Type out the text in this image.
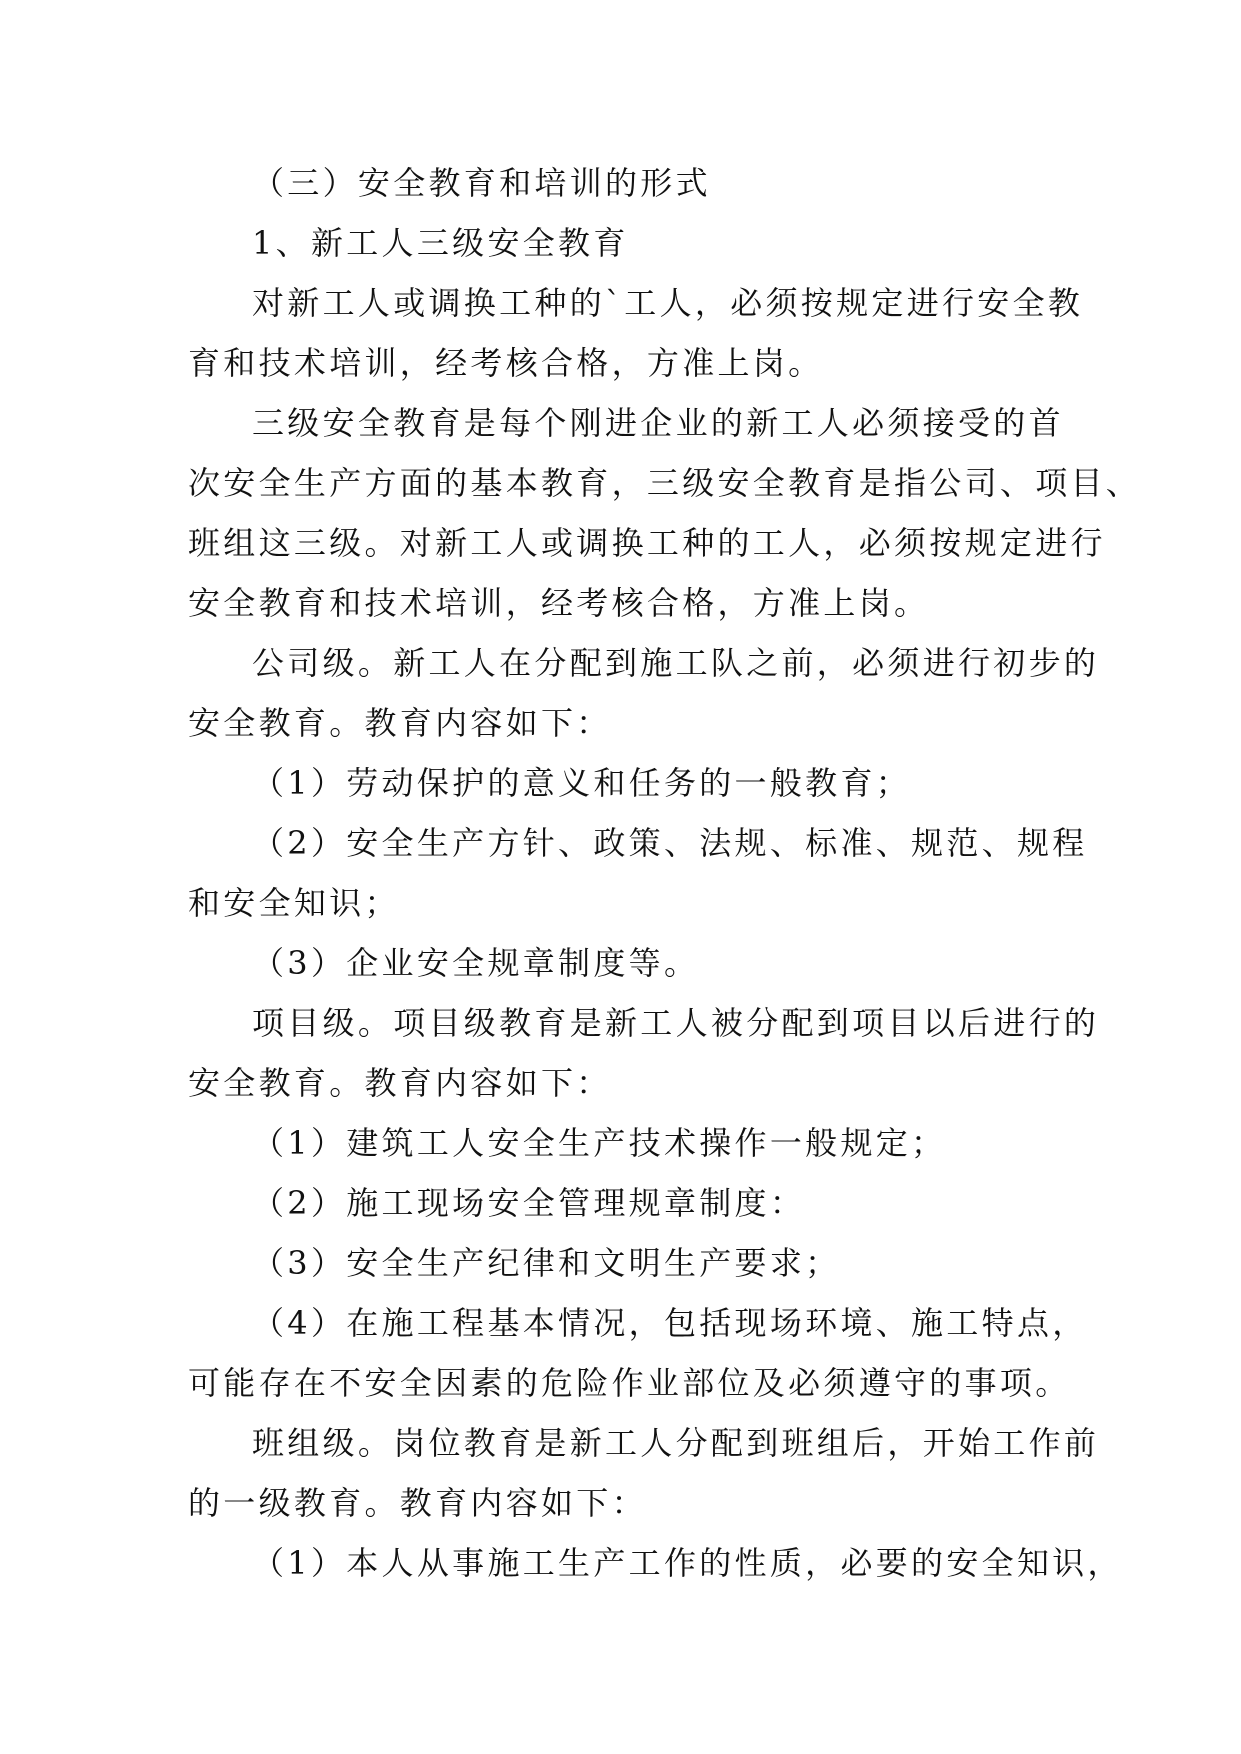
（三）安全教育和培训的形式
1、新工人三级安全教育
对新工人或调换工种的`工人，必须按规定进行安全教
育和技术培训，经考核合格，方准上岗。
三级安全教育是每个刚进企业的新工人必须接受的首
次安全生产方面的基本教育，三级安全教育是指公司、项目、
班组这三级。对新工人或调换工种的工人，必须按规定进行
安全教育和技术培训，经考核合格，方准上岗。
公司级。新工人在分配到施工队之前，必须进行初步的
安全教育。教育内容如下：
（1）劳动保护的意义和任务的一般教育；
（2）安全生产方针、政策、法规、标准、规范、规程
和安全知识；
（3）企业安全规章制度等。
项目级。项目级教育是新工人被分配到项目以后进行的
安全教育。教育内容如下：
（1）建筑工人安全生产技术操作一般规定；
（2）施工现场安全管理规章制度：
（3）安全生产纪律和文明生产要求；
（4）在施工程基本情况，包括现场环境、施工特点，
可能存在不安全因素的危险作业部位及必须遵守的事项。
班组级。岗位教育是新工人分配到班组后，开始工作前
的一级教育。教育内容如下：
（1）本人从事施工生产工作的性质，必要的安全知识，
